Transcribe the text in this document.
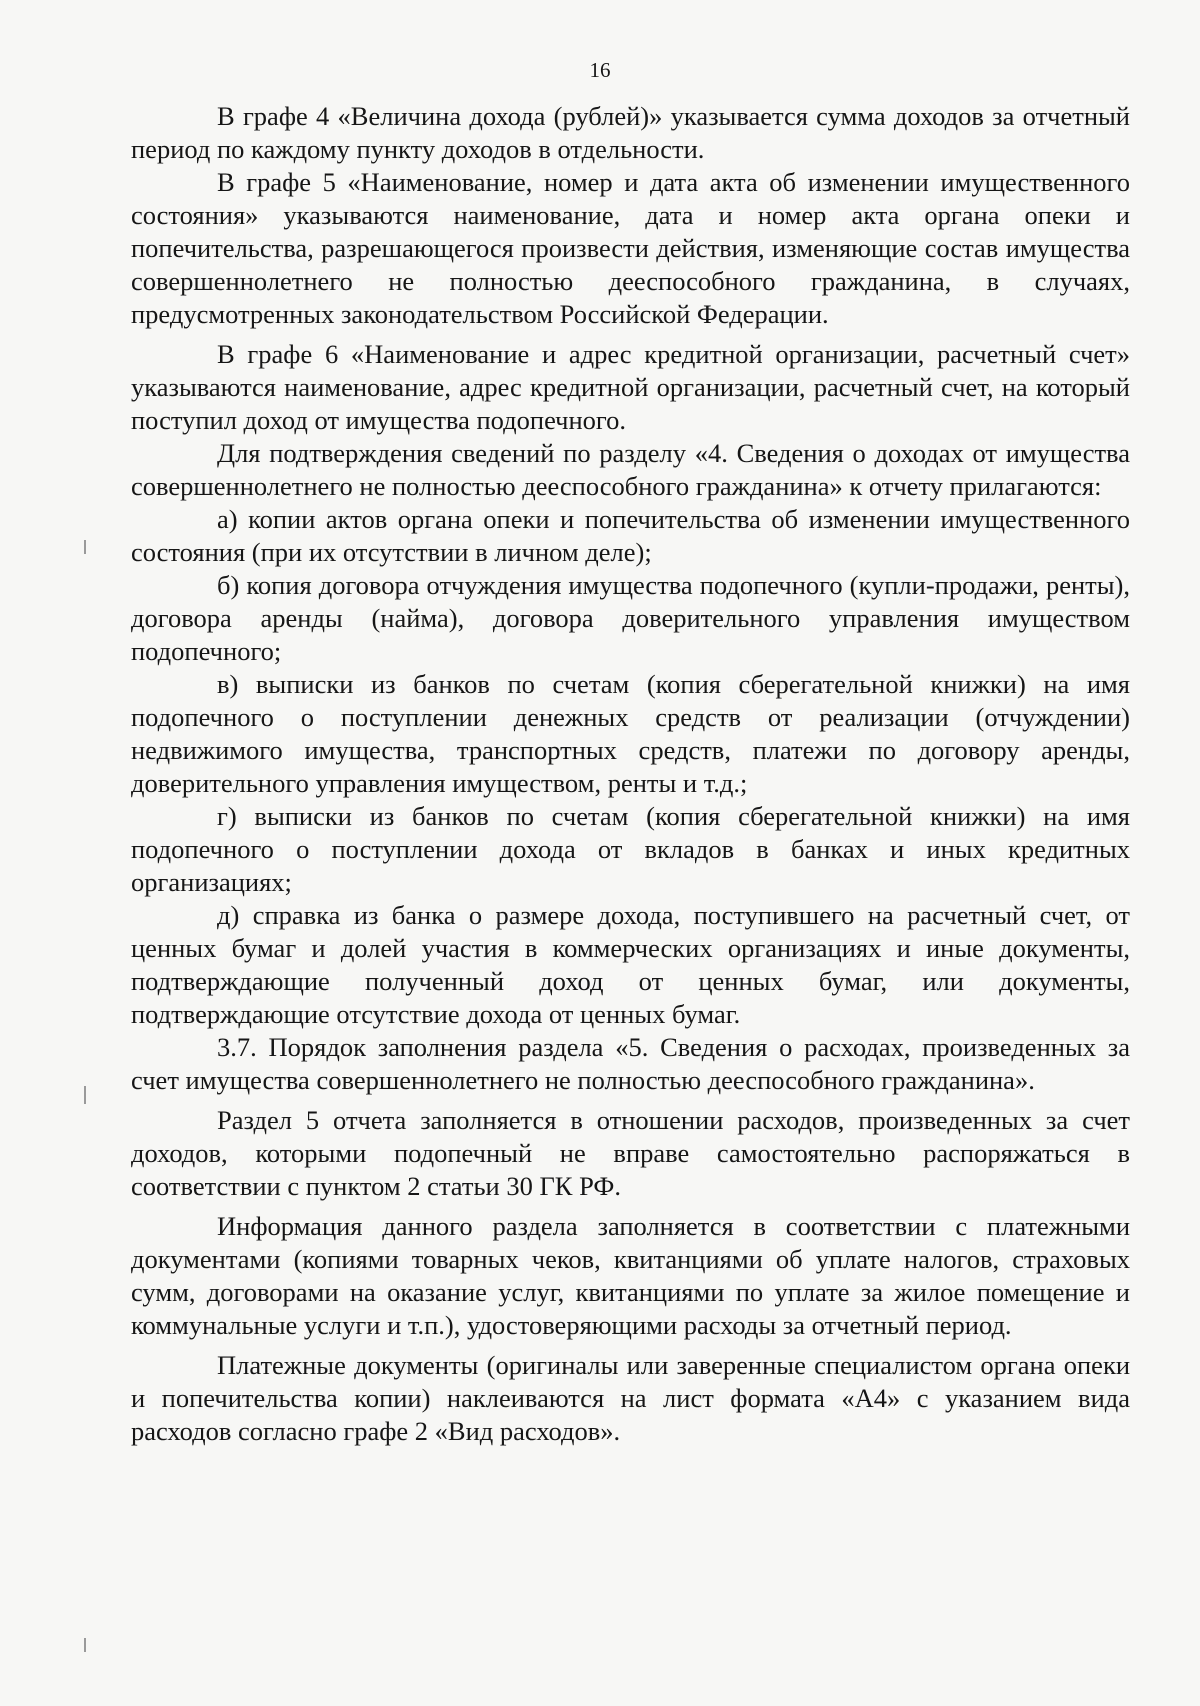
16

В графе 4 «Величина дохода (рублей)» указывается сумма доходов за отчетный период по каждому пункту доходов в отдельности.

В графе 5 «Наименование, номер и дата акта об изменении имущественного состояния» указываются наименование, дата и номер акта органа опеки и попечительства, разрешающегося произвести действия, изменяющие состав имущества совершеннолетнего не полностью дееспособного гражданина, в случаях, предусмотренных законодательством Российской Федерации.

В графе 6 «Наименование и адрес кредитной организации, расчетный счет» указываются наименование, адрес кредитной организации, расчетный счет, на который поступил доход от имущества подопечного.

Для подтверждения сведений по разделу «4. Сведения о доходах от имущества совершеннолетнего не полностью дееспособного гражданина» к отчету прилагаются:

а) копии актов органа опеки и попечительства об изменении имущественного состояния (при их отсутствии в личном деле);

б) копия договора отчуждения имущества подопечного (купли-продажи, ренты), договора аренды (найма), договора доверительного управления имуществом подопечного;

в) выписки из банков по счетам (копия сберегательной книжки) на имя подопечного о поступлении денежных средств от реализации (отчуждении) недвижимого имущества, транспортных средств, платежи по договору аренды, доверительного управления имуществом, ренты и т.д.;

г) выписки из банков по счетам (копия сберегательной книжки) на имя подопечного о поступлении дохода от вкладов в банках и иных кредитных организациях;

д) справка из банка о размере дохода, поступившего на расчетный счет, от ценных бумаг и долей участия в коммерческих организациях и иные документы, подтверждающие полученный доход от ценных бумаг, или документы, подтверждающие отсутствие дохода от ценных бумаг.

3.7. Порядок заполнения раздела «5. Сведения о расходах, произведенных за счет имущества совершеннолетнего не полностью дееспособного гражданина».

Раздел 5 отчета заполняется в отношении расходов, произведенных за счет доходов, которыми подопечный не вправе самостоятельно распоряжаться в соответствии с пунктом 2 статьи 30 ГК РФ.

Информация данного раздела заполняется в соответствии с платежными документами (копиями товарных чеков, квитанциями об уплате налогов, страховых сумм, договорами на оказание услуг, квитанциями по уплате за жилое помещение и коммунальные услуги и т.п.), удостоверяющими расходы за отчетный период.

Платежные документы (оригиналы или заверенные специалистом органа опеки и попечительства копии) наклеиваются на лист формата «А4» с указанием вида расходов согласно графе 2 «Вид расходов».
